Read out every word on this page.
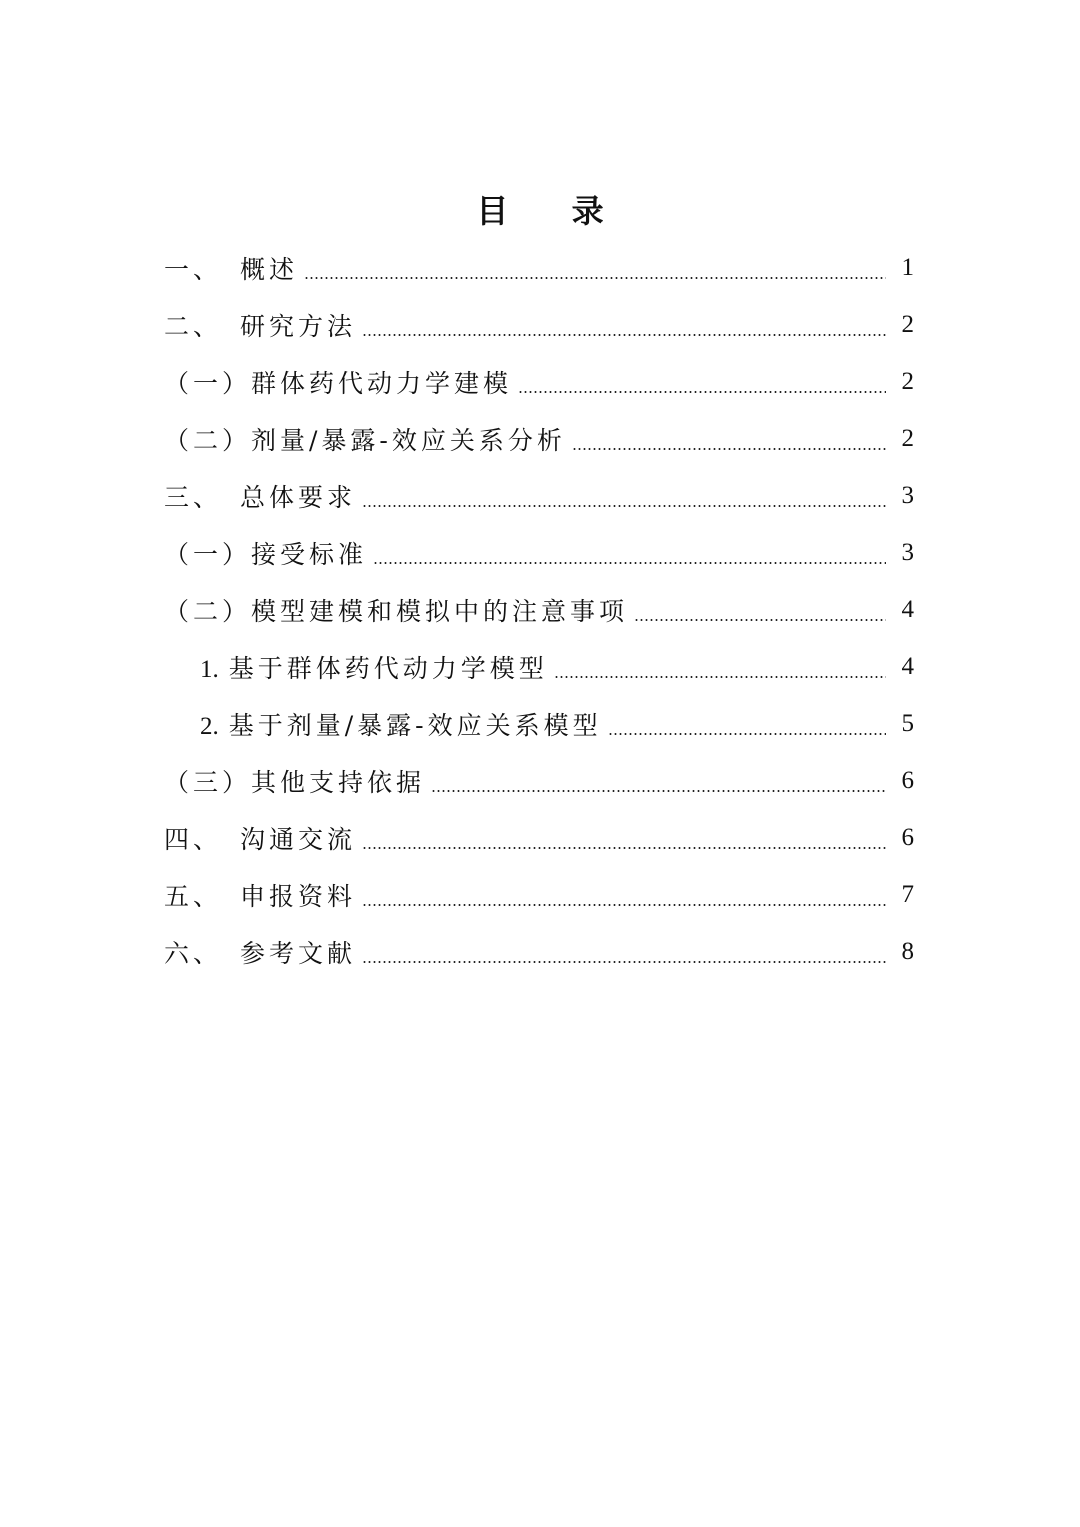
目 录
一、 概述	1
二、 研究方法	2
（一）群体药代动力学建模	2
（二）剂量/暴露-效应关系分析	2
三、 总体要求	3
（一）接受标准	3
（二）模型建模和模拟中的注意事项	4
1. 基于群体药代动力学模型	4
2. 基于剂量/暴露-效应关系模型	5
（三）其他支持依据	6
四、 沟通交流	6
五、 申报资料	7
六、 参考文献	8
